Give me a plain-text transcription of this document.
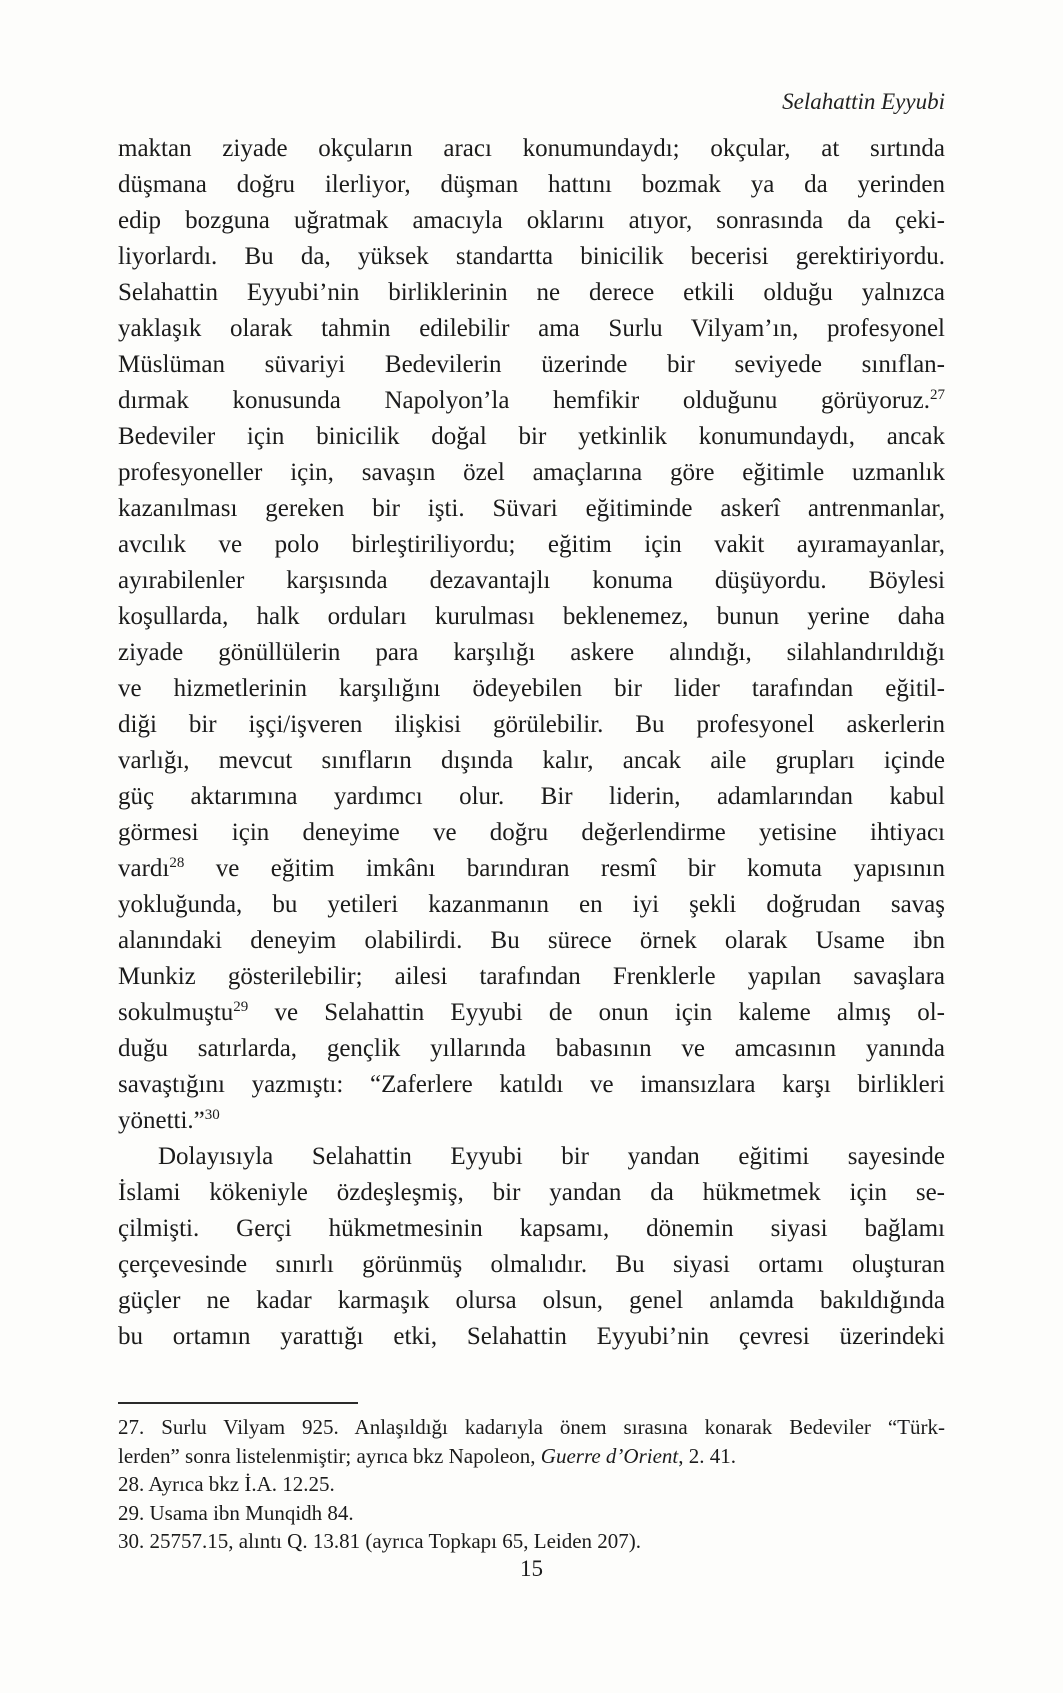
Selahattin Eyyubi
maktan ziyade okçuların aracı konumundaydı; okçular, at sırtında
düşmana doğru ilerliyor, düşman hattını bozmak ya da yerinden
edip bozguna uğratmak amacıyla oklarını atıyor, sonrasında da çeki-
liyorlardı. Bu da, yüksek standartta binicilik becerisi gerektiriyordu.
Selahattin Eyyubi’nin birliklerinin ne derece etkili olduğu yalnızca
yaklaşık olarak tahmin edilebilir ama Surlu Vilyam’ın, profesyonel
Müslüman süvariyi Bedevilerin üzerinde bir seviyede sınıflan-
dırmak konusunda Napolyon’la hemfikir olduğunu görüyoruz.$^{27}$
Bedeviler için binicilik doğal bir yetkinlik konumundaydı, ancak
profesyoneller için, savaşın özel amaçlarına göre eğitimle uzmanlık
kazanılması gereken bir işti. Süvari eğitiminde askerî antrenmanlar,
avcılık ve polo birleştiriliyordu; eğitim için vakit ayıramayanlar,
ayırabilenler karşısında dezavantajlı konuma düşüyordu. Böylesi
koşullarda, halk orduları kurulması beklenemez, bunun yerine daha
ziyade gönüllülerin para karşılığı askere alındığı, silahlandırıldığı
ve hizmetlerinin karşılığını ödeyebilen bir lider tarafından eğitil-
diği bir işçi/işveren ilişkisi görülebilir. Bu profesyonel askerlerin
varlığı, mevcut sınıfların dışında kalır, ancak aile grupları içinde
güç aktarımına yardımcı olur. Bir liderin, adamlarından kabul
görmesi için deneyime ve doğru değerlendirme yetisine ihtiyacı
vardı$^{28}$ ve eğitim imkânı barındıran resmî bir komuta yapısının
yokluğunda, bu yetileri kazanmanın en iyi şekli doğrudan savaş
alanındaki deneyim olabilirdi. Bu sürece örnek olarak Usame ibn
Munkiz gösterilebilir; ailesi tarafından Frenklerle yapılan savaşlara
sokulmuştu$^{29}$ ve Selahattin Eyyubi de onun için kaleme almış ol-
duğu satırlarda, gençlik yıllarında babasının ve amcasının yanında
savaştığını yazmıştı: “Zaferlere katıldı ve imansızlara karşı birlikleri
yönetti.”$^{30}$
Dolayısıyla Selahattin Eyyubi bir yandan eğitimi sayesinde
İslami kökeniyle özdeşleşmiş, bir yandan da hükmetmek için se-
çilmişti. Gerçi hükmetmesinin kapsamı, dönemin siyasi bağlamı
çerçevesinde sınırlı görünmüş olmalıdır. Bu siyasi ortamı oluşturan
güçler ne kadar karmaşık olursa olsun, genel anlamda bakıldığında
bu ortamın yarattığı etki, Selahattin Eyyubi’nin çevresi üzerindeki
27. Surlu Vilyam 925. Anlaşıldığı kadarıyla önem sırasına konarak Bedeviler “Türk-
lerden” sonra listelenmiştir; ayrıca bkz Napoleon, Guerre d’Orient, 2. 41.
28. Ayrıca bkz İ.A. 12.25.
29. Usama ibn Munqidh 84.
30. 25757.15, alıntı Q. 13.81 (ayrıca Topkapı 65, Leiden 207).
15
